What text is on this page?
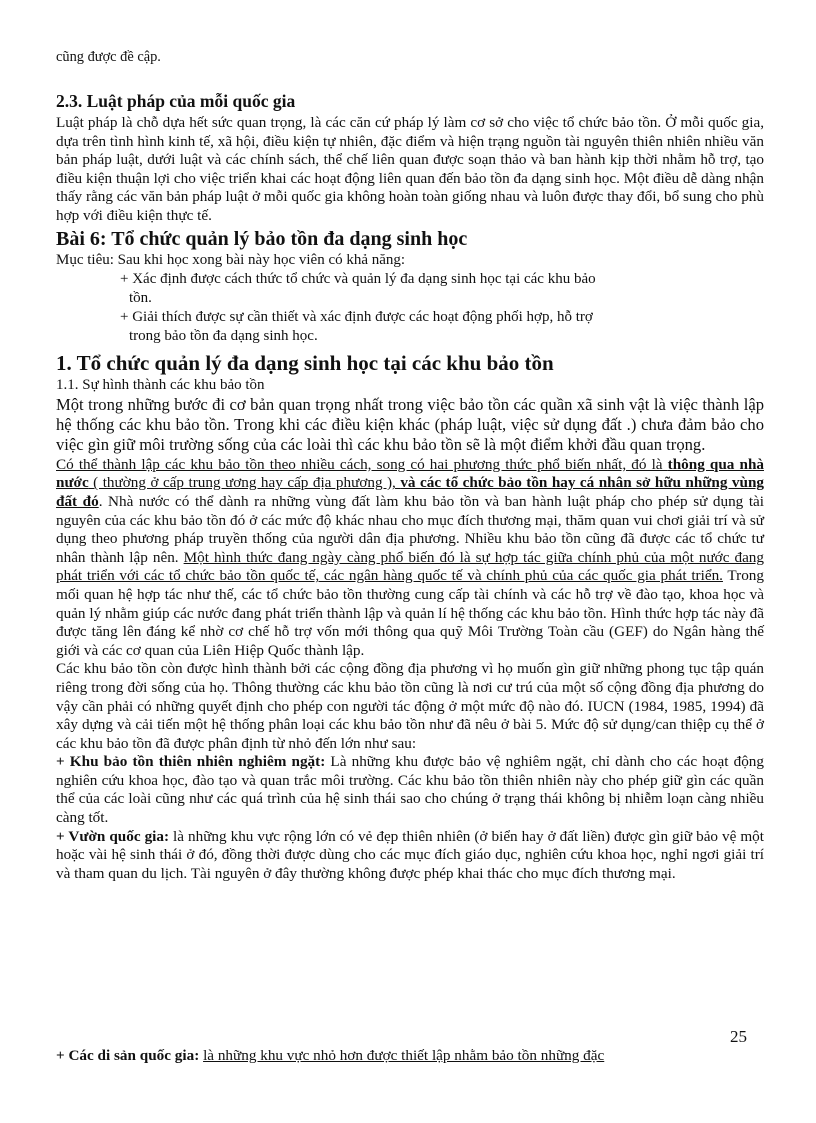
cũng được đề cập.

2.3. Luật pháp của mỗi quốc gia

Luật pháp là chỗ dựa hết sức quan trọng, là các căn cứ pháp lý làm cơ sở cho việc tổ chức bảo tồn. Ở mỗi quốc gia, dựa trên tình hình kinh tế, xã hội, điều kiện tự nhiên, đặc điểm và hiện trạng nguồn tài nguyên thiên nhiên nhiều văn bản pháp luật, dưới luật và các chính sách, thể chế liên quan được soạn thảo và ban hành kịp thời nhằm hỗ trợ, tạo điều kiện thuận lợi cho việc triển khai các hoạt động liên quan đến bảo tồn đa dạng sinh học. Một điều dễ dàng nhận thấy rằng các văn bản pháp luật ở mỗi quốc gia không hoàn toàn giống nhau và luôn được thay đổi, bổ sung cho phù hợp với điều kiện thực tế.

Bài 6: Tổ chức quản lý bảo tồn đa dạng sinh học

Mục tiêu: Sau khi học xong bài này học viên có khả năng:

+ Xác định được cách thức tổ chức và quản lý đa dạng sinh học tại các khu bảo tồn.

+ Giải thích được sự cần thiết và xác định được các hoạt động phối hợp, hỗ trợ trong bảo tồn đa dạng sinh học.

1. Tổ chức quản lý đa dạng sinh học tại các khu bảo tồn

1.1. Sự hình thành các khu bảo tồn

Một trong những bước đi cơ bản quan trọng nhất trong việc bảo tồn các quần xã sinh vật là việc thành lập hệ thống các khu bảo tồn. Trong khi các điều kiện khác (pháp luật, việc sử dụng đất .) chưa đảm bảo cho việc gìn giữ môi trường sống của các loài thì các khu bảo tồn sẽ là một điểm khởi đầu quan trọng.

Có thể thành lập các khu bảo tồn theo nhiều cách, song có hai phương thức phổ biến nhất, đó là thông qua nhà nước ( thường ở cấp trung ương hay cấp địa phương ), và các tổ chức bảo tồn hay cá nhân sở hữu những vùng đất đó. Nhà nước có thể dành ra những vùng đất làm khu bảo tồn và ban hành luật pháp cho phép sử dụng tài nguyên của các khu bảo tồn đó ở các mức độ khác nhau cho mục đích thương mại, thăm quan vui chơi giải trí và sử dụng theo phương pháp truyền thống của người dân địa phương. Nhiều khu bảo tồn cũng đã được các tổ chức tư nhân thành lập nên. Một hình thức đang ngày càng phổ biến đó là sự hợp tác giữa chính phủ của một nước đang phát triển với các tổ chức bảo tồn quốc tế, các ngân hàng quốc tế và chính phủ của các quốc gia phát triển. Trong mối quan hệ hợp tác như thế, các tổ chức bảo tồn thường cung cấp tài chính và các hỗ trợ về đào tạo, khoa học và quản lý nhằm giúp các nước đang phát triển thành lập và quản lí hệ thống các khu bảo tồn. Hình thức hợp tác này đã được tăng lên đáng kể nhờ cơ chế hỗ trợ vốn mới thông qua quỹ Môi Trường Toàn cầu (GEF) do Ngân hàng thế giới và các cơ quan của Liên Hiệp Quốc thành lập.

Các khu bảo tồn còn được hình thành bởi các cộng đồng địa phương vì họ muốn gìn giữ những phong tục tập quán riêng trong đời sống của họ. Thông thường các khu bảo tồn cũng là nơi cư trú của một số cộng đồng địa phương do vậy cần phải có những quyết định cho phép con người tác động ở một mức độ nào đó. IUCN (1984, 1985, 1994) đã xây dựng và cải tiến một hệ thống phân loại các khu bảo tồn như đã nêu ở bài 5. Mức độ sử dụng/can thiệp cụ thể ở các khu bảo tồn đã được phân định từ nhỏ đến lớn như sau:

+ Khu bảo tồn thiên nhiên nghiêm ngặt: Là những khu được bảo vệ nghiêm ngặt, chỉ dành cho các hoạt động nghiên cứu khoa học, đào tạo và quan trắc môi trường. Các khu bảo tồn thiên nhiên này cho phép giữ gìn các quần thể của các loài cũng như các quá trình của hệ sinh thái sao cho chúng ở trạng thái không bị nhiễm loạn càng nhiều càng tốt.

+ Vườn quốc gia: là những khu vực rộng lớn có vẻ đẹp thiên nhiên (ở biển hay ở đất liền) được gìn giữ bảo vệ một hoặc vài hệ sinh thái ở đó, đồng thời được dùng cho các mục đích giáo dục, nghiên cứu khoa học, nghỉ ngơi giải trí và tham quan du lịch. Tài nguyên ở đây thường không được phép khai thác cho mục đích thương mại.

25

+ Các di sản quốc gia: là những khu vực nhỏ hơn được thiết lập nhằm bảo tồn những đặc
